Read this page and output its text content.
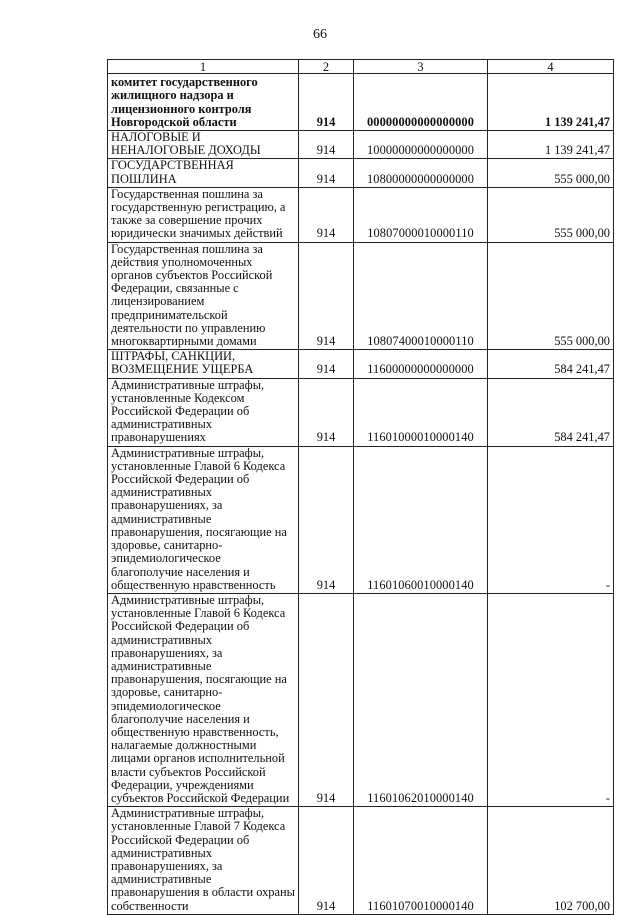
66
1	2	3	4
комитет государственного жилищного надзора и лицензионного контроля Новгородской области	914	00000000000000000	1 139 241,47
НАЛОГОВЫЕ И НЕНАЛОГОВЫЕ ДОХОДЫ	914	10000000000000000	1 139 241,47
ГОСУДАРСТВЕННАЯ ПОШЛИНА	914	10800000000000000	555 000,00
Государственная пошлина за государственную регистрацию, а также за совершение прочих юридически значимых действий	914	10807000010000110	555 000,00
Государственная пошлина за действия уполномоченных органов субъектов Российской Федерации, связанные с лицензированием предпринимательской деятельности по управлению многоквартирными домами	914	10807400010000110	555 000,00
ШТРАФЫ, САНКЦИИ, ВОЗМЕЩЕНИЕ УЩЕРБА	914	11600000000000000	584 241,47
Административные штрафы, установленные Кодексом Российской Федерации об административных правонарушениях	914	11601000010000140	584 241,47
Административные штрафы, установленные Главой 6 Кодекса Российской Федерации об административных правонарушениях, за административные правонарушения, посягающие на здоровье, санитарно-эпидемиологическое благополучие населения и общественную нравственность	914	11601060010000140	-
Административные штрафы, установленные Главой 6 Кодекса Российской Федерации об административных правонарушениях, за административные правонарушения, посягающие на здоровье, санитарно-эпидемиологическое благополучие населения и общественную нравственность, налагаемые должностными лицами органов исполнительной власти субъектов Российской Федерации, учреждениями субъектов Российской Федерации	914	11601062010000140	-
Административные штрафы, установленные Главой 7 Кодекса Российской Федерации об административных правонарушениях, за административные правонарушения в области охраны собственности	914	11601070010000140	102 700,00
